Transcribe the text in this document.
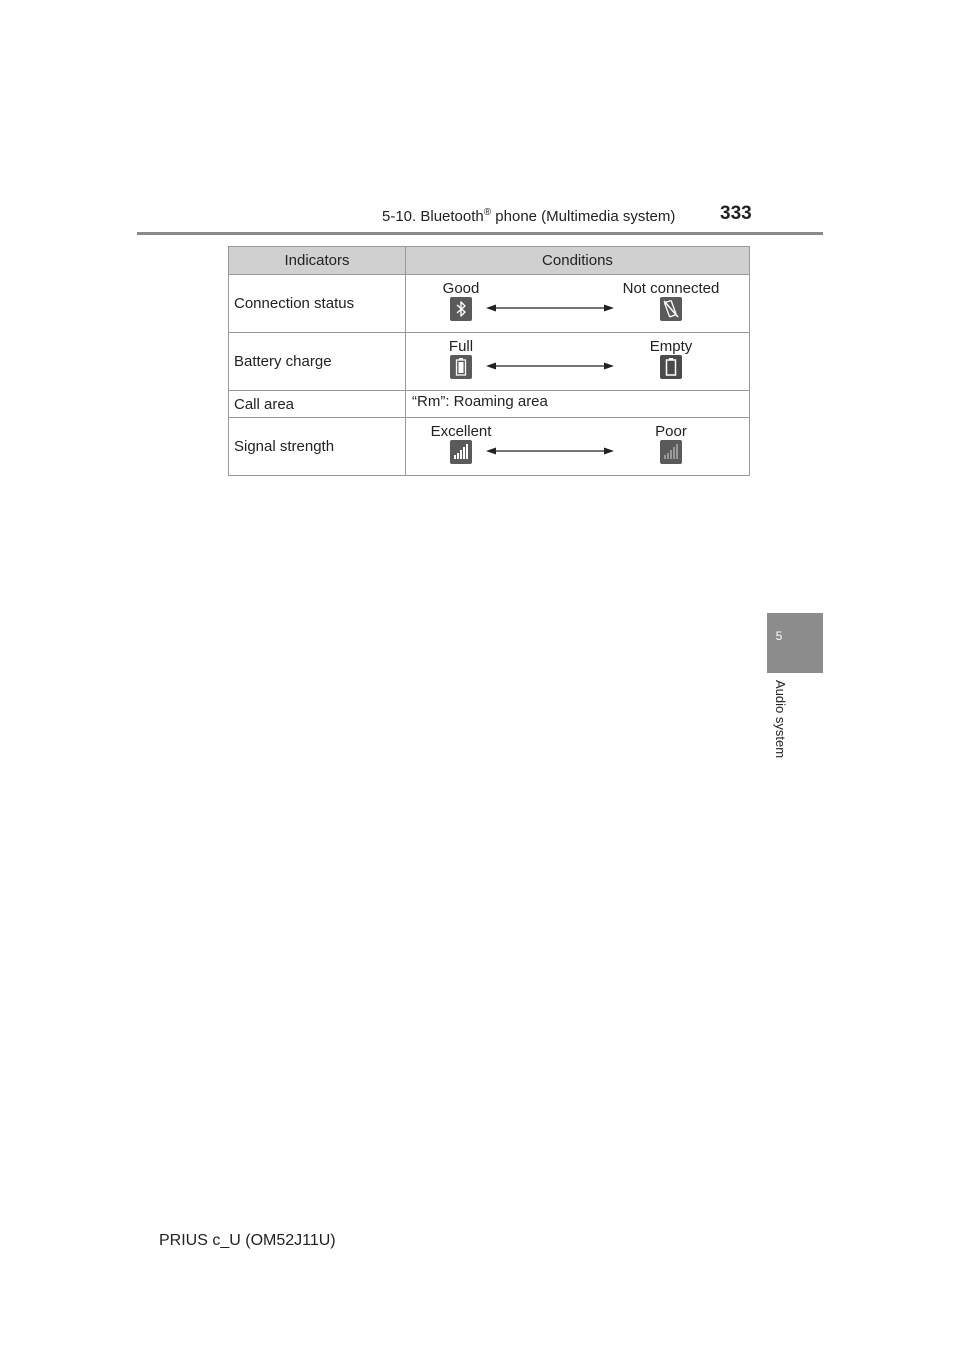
5-10. Bluetooth® phone (Multimedia system) 333
5
Audio system
Indicators	Conditions
Connection status	Good Not connected

Battery charge	Full Empty

Call area	“Rm”: Roaming area

Signal strength	Excellent Poor
PRIUS c_U (OM52J11U)
